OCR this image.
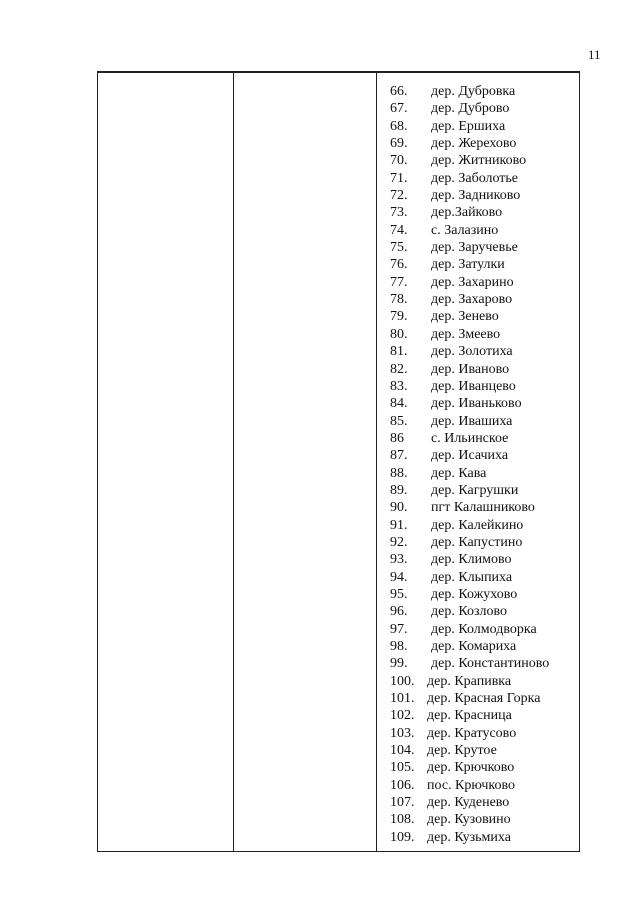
11
66. дер. Дубровка
67. дер. Дуброво
68. дер. Ершиха
69. дер. Жерехово
70. дер. Житниково
71. дер. Заболотье
72. дер. Задниково
73. дер.Зайково
74. с. Залазино
75. дер. Заручевье
76. дер. Затулки
77. дер. Захарино
78. дер. Захарово
79. дер. Зенево
80. дер. Змеево
81. дер. Золотиха
82. дер. Иваново
83. дер. Иванцево
84. дер. Иваньково
85. дер. Ивашиха
86 с. Ильинское
87. дер. Исачиха
88. дер. Кава
89. дер. Кагрушки
90. пгт Калашниково
91. дер. Калейкино
92. дер. Капустино
93. дер. Климово
94. дер. Клыпиха
95. дер. Кожухово
96. дер. Козлово
97. дер. Колмодворка
98. дер. Комариха
99. дер. Константиново
100. дер. Крапивка
101. дер. Красная Горка
102. дер. Красница
103. дер. Кратусово
104. дер. Крутое
105. дер. Крючково
106. пос. Крючково
107. дер. Куденево
108. дер. Кузовино
109. дер. Кузьмиха
